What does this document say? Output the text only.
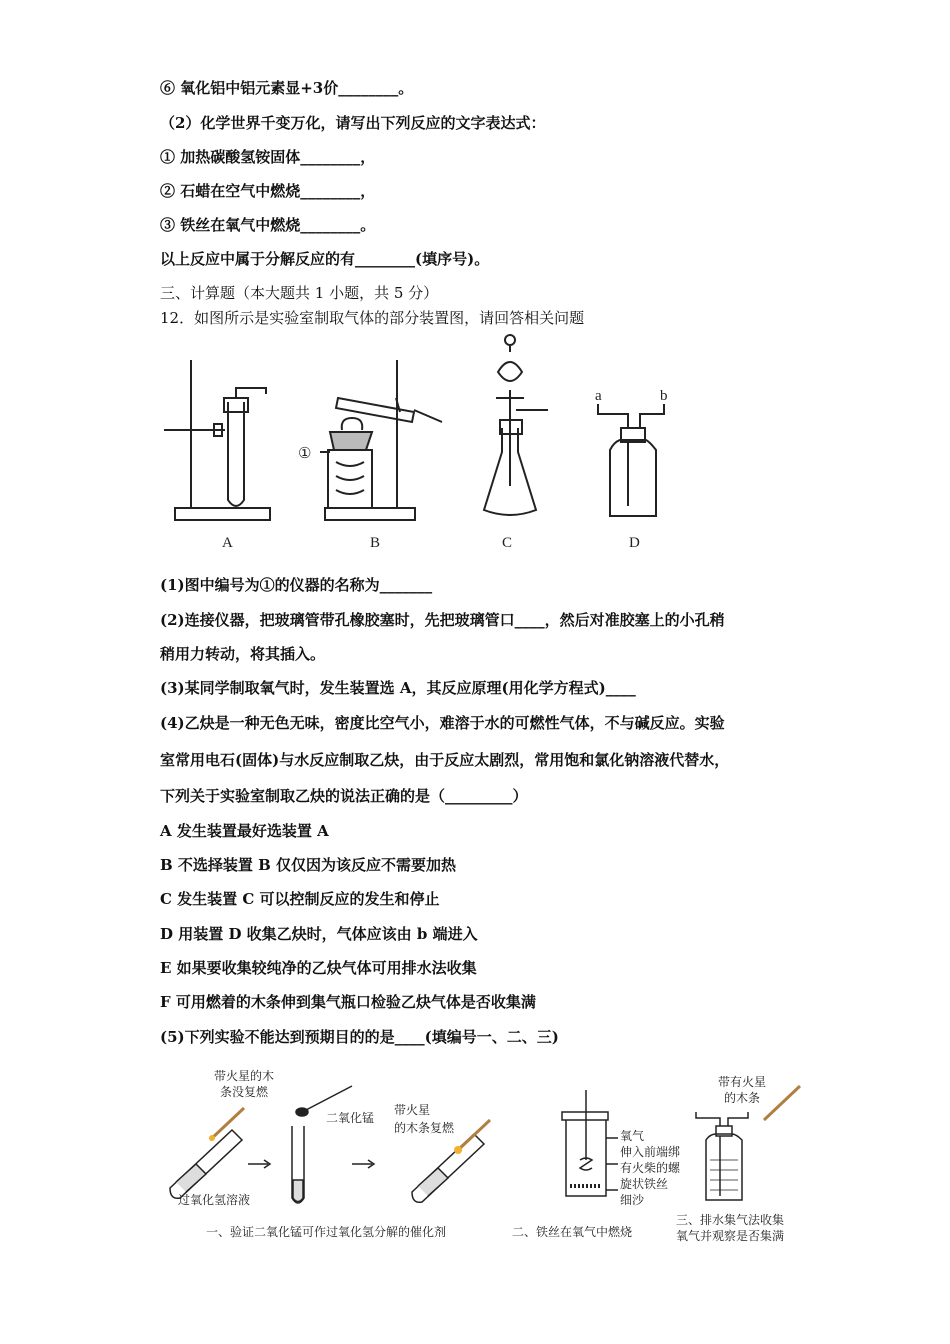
⑥ 氧化铝中铝元素显+3价________。
（2）化学世界千变万化，请写出下列反应的文字表达式：
① 加热碳酸氢铵固体________，
② 石蜡在空气中燃烧________，
③ 铁丝在氧气中燃烧________。
以上反应中属于分解反应的有________(填序号)。
三、计算题（本大题共 1 小题，共 5 分）
12．如图所示是实验室制取气体的部分装置图，请回答相关问题
A	B	C	D
①
a	b
(1)图中编号为①的仪器的名称为_______
(2)连接仪器，把玻璃管带孔橡胶塞时，先把玻璃管口____，然后对准胶塞上的小孔稍
稍用力转动，将其插入。
(3)某同学制取氧气时，发生装置选 A，其反应原理(用化学方程式)____
(4)乙炔是一种无色无味，密度比空气小，难溶于水的可燃性气体，不与碱反应。实验
室常用电石(固体)与水反应制取乙炔，由于反应太剧烈，常用饱和氯化钠溶液代替水，
下列关于实验室制取乙炔的说法正确的是（_________）
A 发生装置最好选装置 A
B 不选择装置 B 仅仅因为该反应不需要加热
C 发生装置 C 可以控制反应的发生和停止
D 用装置 D 收集乙炔时，气体应该由 b 端进入
E 如果要收集较纯净的乙炔气体可用排水法收集
F 可用燃着的木条伸到集气瓶口检验乙炔气体是否收集满
(5)下列实验不能达到预期目的的是____(填编号一、二、三)
带火星的木
条没复燃
二氧化锰
带火星
的木条复燃
过氧化氢溶液
一、验证二氧化锰可作过氧化氢分解的催化剂	二、铁丝在氧气中燃烧
三、排水集气法收集
氧气并观察是否集满
氧气
伸入前端绑
有火柴的螺
旋状铁丝
细沙
带有火星
的木条
